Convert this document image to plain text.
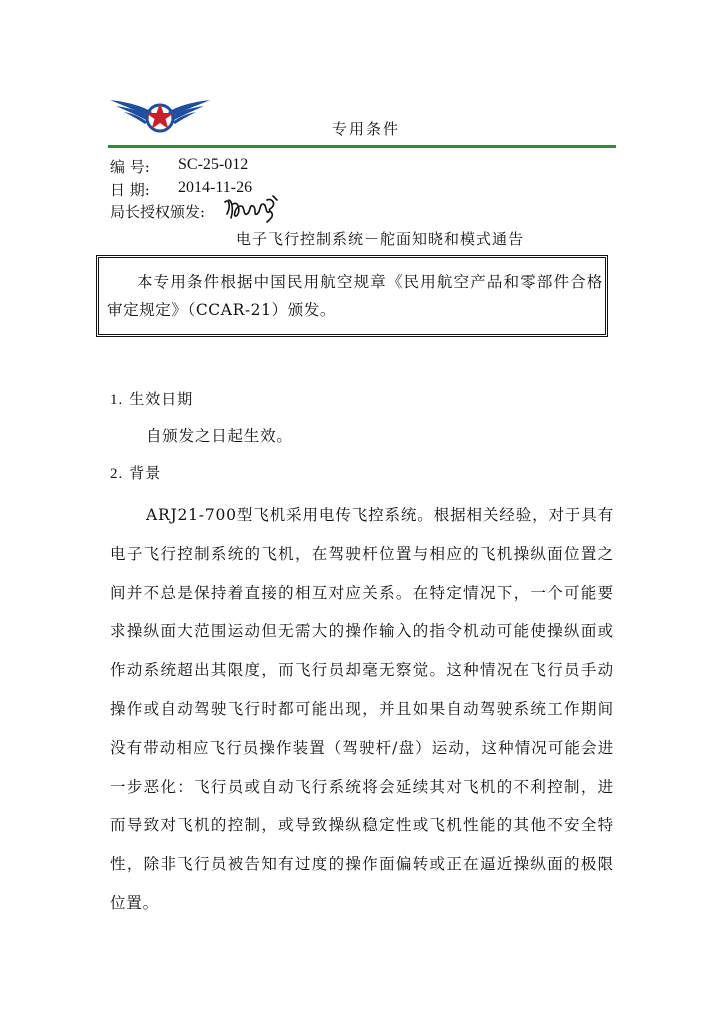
专用条件
编 号: SC-25-012
日 期: 2014-11-26
局长授权颁发:
电子飞行控制系统－舵面知晓和模式通告
本专用条件根据中国民用航空规章《民用航空产品和零部件合格审定规定》（CCAR-21）颁发。
1. 生效日期
自颁发之日起生效。
2. 背景
ARJ21-700型飞机采用电传飞控系统。根据相关经验，对于具有电子飞行控制系统的飞机，在驾驶杆位置与相应的飞机操纵面位置之间并不总是保持着直接的相互对应关系。在特定情况下，一个可能要求操纵面大范围运动但无需大的操作输入的指令机动可能使操纵面或作动系统超出其限度，而飞行员却毫无察觉。这种情况在飞行员手动操作或自动驾驶飞行时都可能出现，并且如果自动驾驶系统工作期间没有带动相应飞行员操作装置（驾驶杆/盘）运动，这种情况可能会进一步恶化：飞行员或自动飞行系统将会延续其对飞机的不利控制，进而导致对飞机的控制，或导致操纵稳定性或飞机性能的其他不安全特性，除非飞行员被告知有过度的操作面偏转或正在逼近操纵面的极限位置。
